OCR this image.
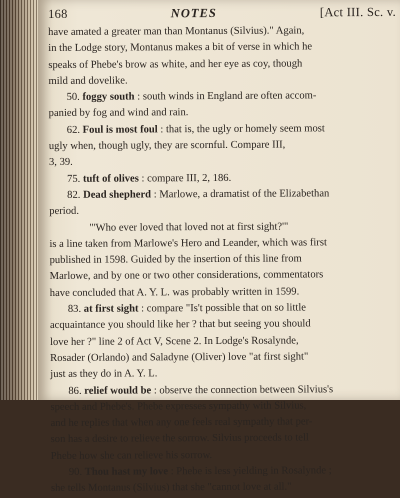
168	NOTES	[Act III. Sc. v.
have amated a greater man than Montanus (Silvius)." Again,
in the Lodge story, Montanus makes a bit of verse in which he
speaks of Phebe's brow as white, and her eye as coy, though
mild and dovelike.
50. foggy south : south winds in England are often accom-
panied by fog and wind and rain.
62. Foul is most foul : that is, the ugly or homely seem most
ugly when, though ugly, they are scornful. Compare III,
3, 39.
75. tuft of olives : compare III, 2, 186.
82. Dead shepherd : Marlowe, a dramatist of the Elizabethan
period.
"'Who ever loved that loved not at first sight?'"
is a line taken from Marlowe's Hero and Leander, which was first
published in 1598. Guided by the insertion of this line from
Marlowe, and by one or two other considerations, commentators
have concluded that A. Y. L. was probably written in 1599.
83. at first sight : compare "Is't possible that on so little
acquaintance you should like her ? that but seeing you should
love her ?" line 2 of Act V, Scene 2. In Lodge's Rosalynde,
Rosader (Orlando) and Saladyne (Oliver) love "at first sight"
just as they do in A. Y. L.
86. relief would be : observe the connection between Silvius's
speech and Phebe's. Phebe expresses sympathy with Silvius,
and he replies that when any one feels real sympathy that per-
son has a desire to relieve the sorrow. Silvius proceeds to tell
Phebe how she can relieve his sorrow.
90. Thou hast my love : Phebe is less yielding in Rosalynde ;
she tells Montanus (Silvius) that she "cannot love at all."
